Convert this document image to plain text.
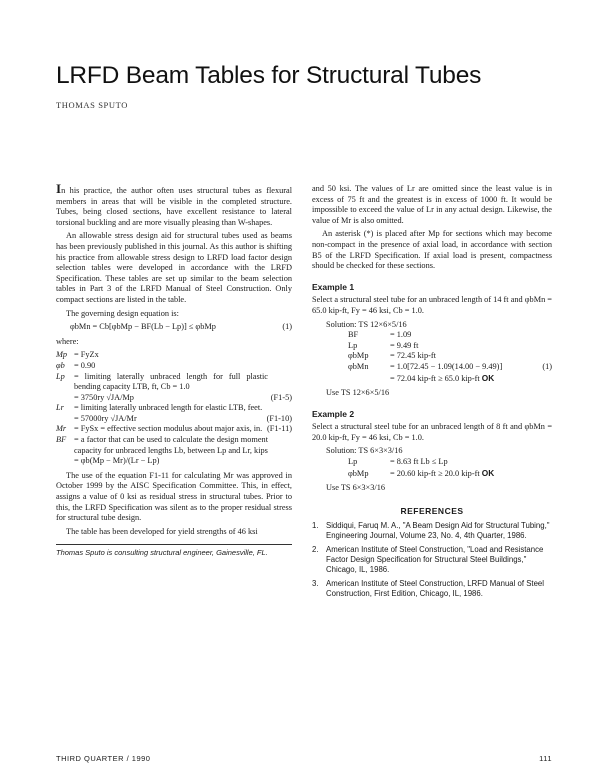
LRFD Beam Tables for Structural Tubes
THOMAS SPUTO

In his practice, the author often uses structural tubes as flexural members in areas that will be visible in the completed structure. Tubes, being closed sections, have excellent resistance to lateral torsional buckling and are more visually pleasing than W-shapes.

An allowable stress design aid for structural tubes used as beams has been previously published in this journal. As this author is shifting his practice from allowable stress design to LRFD load factor design selection tables were developed in accordance with the LRFD Specification. These tables are set up similar to the beam selection tables in Part 3 of the LRFD Manual of Steel Construction. Only compact sections are listed in the table.

The governing design equation is:

φbMn = Cb[φbMp − BF(Lb − Lp)] ≤ φbMp	(1)

where:

Mp = FyZx
φb	= 0.90
Lp	= limiting laterally unbraced length for full plastic bending capacity LTB, ft, Cb = 1.0
= 3750ry √JA/Mp	(F1-5)
Lr	= limiting laterally unbraced length for elastic LTB, feet.
= 57000ry √JA/Mr	(F1-10)
Mr = FySx = effective section modulus about major axis, in. (F1-11)
BF = a factor that can be used to calculate the design moment capacity for unbraced lengths Lb, between Lp and Lr, kips
= φb(Mp − Mr)/(Lr − Lp)

The use of the equation F1-11 for calculating Mr was approved in October 1999 by the AISC Specification Committee. This, in effect, assigns a value of 0 ksi as residual stress in structural tubes. Prior to this, the LRFD Specification was silent as to the proper residual stress for structural tube design.

The table has been developed for yield strengths of 46 ksi

Thomas Sputo is consulting structural engineer, Gainesville, FL.

and 50 ksi. The values of Lr are omitted since the least value is in excess of 75 ft and the greatest is in excess of 1000 ft. It would be impossible to exceed the value of Lr in any actual design. Likewise, the value of Mr is also omitted.

An asterisk (*) is placed after Mp for sections which may become non-compact in the presence of axial load, in accordance with section B5 of the LRFD Specification. If axial load is present, compactness should be checked for these sections.

Example 1

Select a structural steel tube for an unbraced length of 14 ft and φbMn = 65.0 kip-ft, Fy = 46 ksi, Cb = 1.0.

Solution: TS 12×6×5/16
BF	= 1.09
Lp	= 9.49 ft
φbMp	= 72.45 kip-ft
φbMn	= 1.0[72.45 − 1.09(14.00 − 9.49)]	(1)
= 72.04 kip-ft ≥ 65.0 kip-ft OK
Use TS 12×6×5/16
Example 2

Select a structural steel tube for an unbraced length of 8 ft and φbMn = 20.0 kip-ft, Fy = 46 ksi, Cb = 1.0.

Solution: TS 6×3×3/16
Lp	= 8.63 ft Lb ≤ Lp
φbMp	= 20.60 kip-ft ≥ 20.0 kip-ft OK
Use TS 6×3×3/16
REFERENCES
1. Siddiqui, Faruq M. A., "A Beam Design Aid for Structural Tubing," Engineering Journal, Volume 23, No. 4, 4th Quarter, 1986.
2. American Institute of Steel Construction, "Load and Resistance Factor Design Specification for Structural Steel Buildings," Chicago, IL, 1986.
3. American Institute of Steel Construction, LRFD Manual of Steel Construction, First Edition, Chicago, IL, 1986.
THIRD QUARTER / 1990	111
